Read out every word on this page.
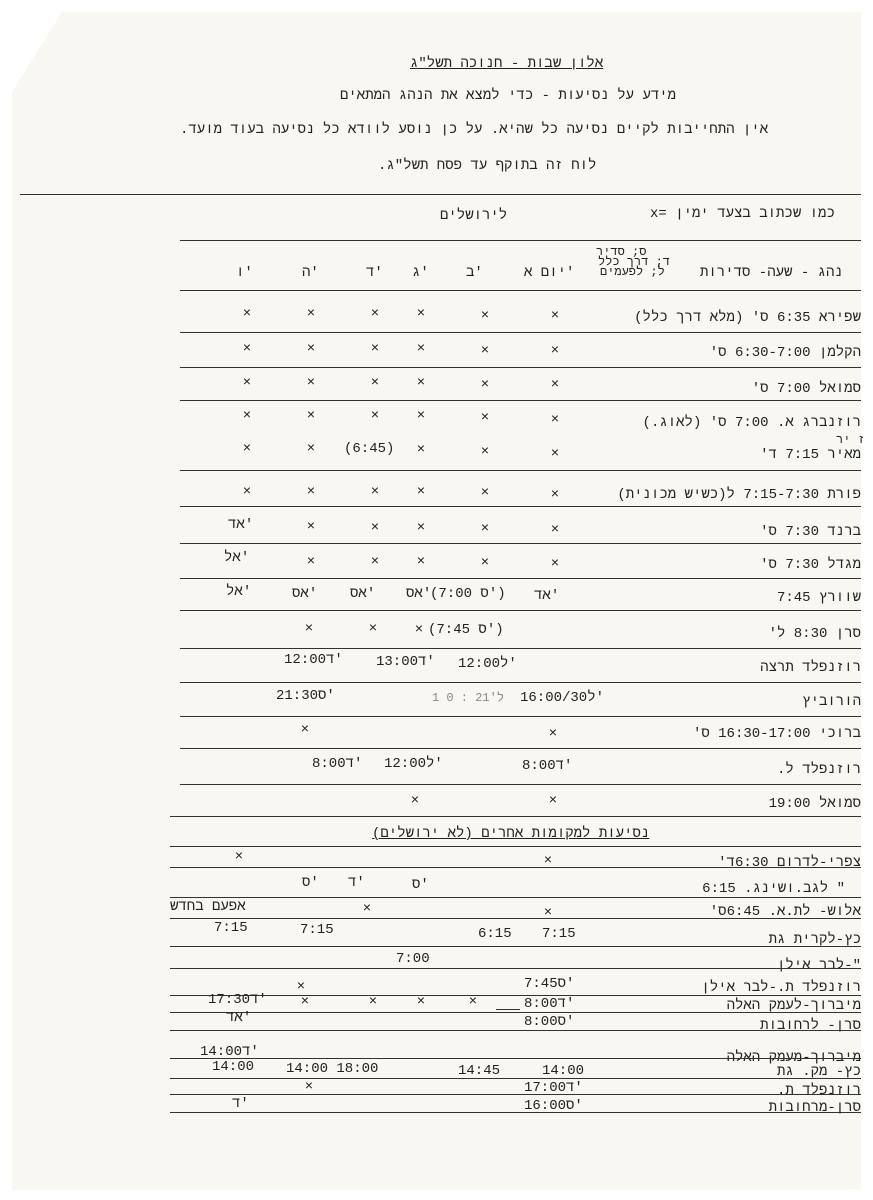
אלון שבות - חנוכה תשל"ג
מידע על נסיעות - כדי למצא את הנהג המתאים
אין התחייבות לקיים נסיעה כל שהיא. על כן נוסע לוודא כל נסיעה בעוד מועד.
לוח זה בתוקף עד פסח תשל"ג.
x= כמו שכתוב בצעד ימין
לירושלים
נהג - שעה- סדירות
ס; סדיר
ד; דרך כלל
ל; לפעמים
יום א'
ב'
ג'
ד'
ה'
ו'
שפירא 6:35 ס' (מלא דרך כלל)
הקלמן 6:30-7:00 ס'
סמואל 7:00 ס'
רוזנברג א. 7:00 ס' (לאוג.)
ז יר
מאיר 7:15 ד'
פורת 7:15-7:30 ל(כשיש מכונית)
ברנד 7:30 ס'
מגדל 7:30 ס'
שוורץ 7:45
סרן 8:30 ל'
רוזנפלד תרצה
הורוביץ
ברוכי 16:30-17:00 ס'
רוזנפלד ל.
סמואל 19:00
×
×
×
×
×
×
×
×
×
×
×
×
×
×
×
×
×
×
×
×
×
×
×
×
×
×
×
(6:45)
×
×
×
×
×
×
×
×
×
×
×
×
×
אד'
×
×
×
×
×
אל'
אד'
(7:00 ס')
אס'
אס'
אס'
אל'
(7:45 ס')
×
×
×
12:00ל'
13:00ד'
12:00ד'
16:00/30ל'
ל'21 : 0 1
21:30ס'
×
×
8:00ד'
12:00ל'
8:00ד'
×
×
נסיעות למקומות אחרים (לא ירושלים)
צפרי-לדרום 6:30ד'
×
×
" לגב.ושינג. 6:15
ס'
ד'
ס'
אלוש- לת.א. 6:45ס'
×
×
אפעם בחדש
כץ-לקרית גת
7:15
6:15
7:15
7:15
"-לבר אילן
7:00
רוזנפלד ת.-לבר אילן
7:45ס'
×
מיברוך-לעמק האלה
8:00ד'
×
×
×
×
17:30ד'
סרן- לרחובות
8:00ס'
אד'
14:00ד'	מיברוך-מעמק האלה
כץ- מק. גת
14:00
14:45
14:00 18:00
14:00
רוזנפלד ת.
17:00ד'
×
סרן-מרחובות
16:00ס'
ד'
